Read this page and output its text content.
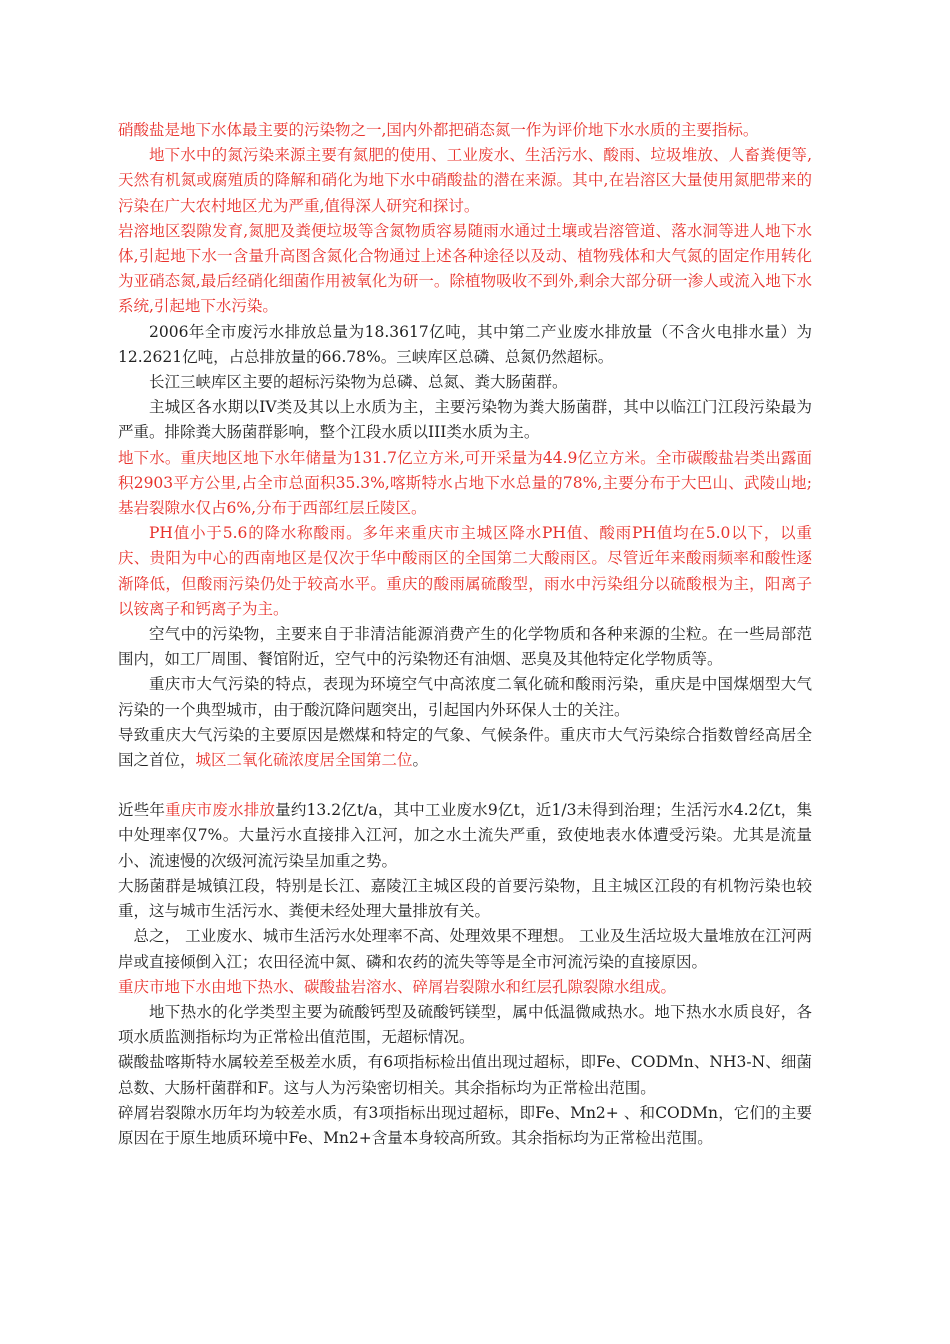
硝酸盐是地下水体最主要的污染物之一,国内外都把硝态氮一作为评价地下水水质的主要指标。

地下水中的氮污染来源主要有氮肥的使用、工业废水、生活污水、酸雨、垃圾堆放、人畜粪便等,天然有机氮或腐殖质的降解和硝化为地下水中硝酸盐的潜在来源。其中,在岩溶区大量使用氮肥带来的污染在广大农村地区尤为严重,值得深人研究和探讨。

岩溶地区裂隙发育,氮肥及粪便垃圾等含氮物质容易随雨水通过土壤或岩溶管道、落水洞等进人地下水体,引起地下水一含量升高图含氮化合物通过上述各种途径以及动、植物残体和大气氮的固定作用转化为亚硝态氮,最后经硝化细菌作用被氧化为研一。除植物吸收不到外,剩余大部分研一渗人或流入地下水系统,引起地下水污染。

2006年全市废污水排放总量为18.3617亿吨，其中第二产业废水排放量（不含火电排水量）为12.2621亿吨，占总排放量的66.78%。三峡库区总磷、总氮仍然超标。

长江三峡库区主要的超标污染物为总磷、总氮、粪大肠菌群。

主城区各水期以IV类及其以上水质为主，主要污染物为粪大肠菌群，其中以临江门江段污染最为严重。排除粪大肠菌群影响，整个江段水质以III类水质为主。

地下水。重庆地区地下水年储量为131.7亿立方米,可开采量为44.9亿立方米。全市碳酸盐岩类出露面积2903平方公里,占全市总面积35.3%,喀斯特水占地下水总量的78%,主要分布于大巴山、武陵山地;基岩裂隙水仅占6%,分布于西部红层丘陵区。

PH值小于5.6的降水称酸雨。多年来重庆市主城区降水PH值、酸雨PH值均在5.0以下，以重庆、贵阳为中心的西南地区是仅次于华中酸雨区的全国第二大酸雨区。尽管近年来酸雨频率和酸性逐渐降低，但酸雨污染仍处于较高水平。重庆的酸雨属硫酸型，雨水中污染组分以硫酸根为主，阳离子以铵离子和钙离子为主。

空气中的污染物，主要来自于非清洁能源消费产生的化学物质和各种来源的尘粒。在一些局部范围内，如工厂周围、餐馆附近，空气中的污染物还有油烟、恶臭及其他特定化学物质等。

重庆市大气污染的特点，表现为环境空气中高浓度二氧化硫和酸雨污染，重庆是中国煤烟型大气污染的一个典型城市，由于酸沉降问题突出，引起国内外环保人士的关注。

导致重庆大气污染的主要原因是燃煤和特定的气象、气候条件。重庆市大气污染综合指数曾经高居全国之首位，城区二氧化硫浓度居全国第二位。

近些年重庆市废水排放量约13.2亿t/a，其中工业废水9亿t，近1/3未得到治理；生活污水4.2亿t，集中处理率仅7%。大量污水直接排入江河，加之水土流失严重，致使地表水体遭受污染。尤其是流量小、流速慢的次级河流污染呈加重之势。

大肠菌群是城镇江段，特别是长江、嘉陵江主城区段的首要污染物，且主城区江段的有机物污染也较重，这与城市生活污水、粪便未经处理大量排放有关。

总之， 工业废水、城市生活污水处理率不高、处理效果不理想。 工业及生活垃圾大量堆放在江河两岸或直接倾倒入江；农田径流中氮、磷和农药的流失等等是全市河流污染的直接原因。

重庆市地下水由地下热水、碳酸盐岩溶水、碎屑岩裂隙水和红层孔隙裂隙水组成。

地下热水的化学类型主要为硫酸钙型及硫酸钙镁型，属中低温微咸热水。地下热水水质良好，各项水质监测指标均为正常检出值范围，无超标情况。

碳酸盐喀斯特水属较差至极差水质，有6项指标检出值出现过超标，即Fe、CODMn、NH3-N、细菌总数、大肠杆菌群和F。这与人为污染密切相关。其余指标均为正常检出范围。

碎屑岩裂隙水历年均为较差水质，有3项指标出现过超标，即Fe、Mn2+ 、和CODMn，它们的主要原因在于原生地质环境中Fe、Mn2+含量本身较高所致。其余指标均为正常检出范围。
